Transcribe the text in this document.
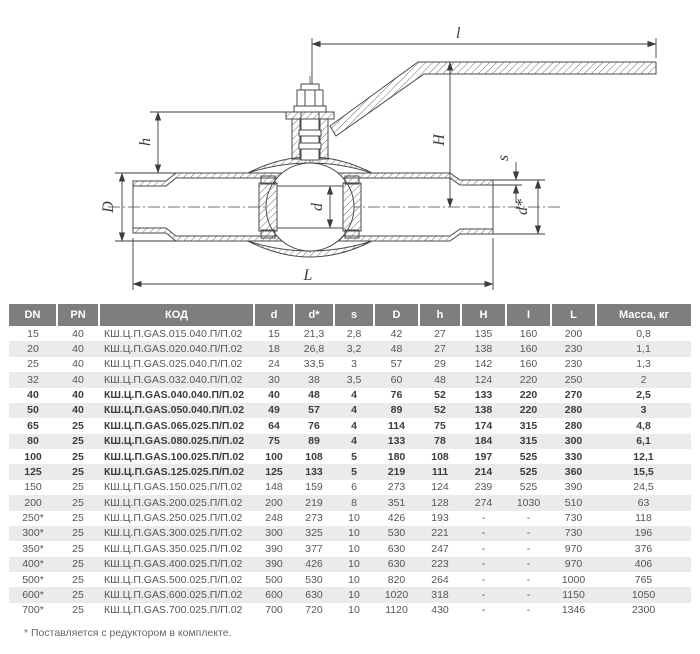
l
H
h
D	d
s
d*
L
DN	PN	КОД	d	d*	s	D	h	H	I	L	Масса, кг
15	40	КШ.Ц.П.GAS.015.040.П/П.02	15	21,3	2,8	42	27	135	160	200	0,8
20	40	КШ.Ц.П.GAS.020.040.П/П.02	18	26,8	3,2	48	27	138	160	230	1,1
25	40	КШ.Ц.П.GAS.025.040.П/П.02	24	33,5	3	57	29	142	160	230	1,3
32	40	КШ.Ц.П.GAS.032.040.П/П.02	30	38	3,5	60	48	124	220	250	2
40	40	КШ.Ц.П.GAS.040.040.П/П.02	40	48	4	76	52	133	220	270	2,5
50	40	КШ.Ц.П.GAS.050.040.П/П.02	49	57	4	89	52	138	220	280	3
65	25	КШ.Ц.П.GAS.065.025.П/П.02	64	76	4	114	75	174	315	280	4,8
80	25	КШ.Ц.П.GAS.080.025.П/П.02	75	89	4	133	78	184	315	300	6,1
100	25	КШ.Ц.П.GAS.100.025.П/П.02	100	108	5	180	108	197	525	330	12,1
125	25	КШ.Ц.П.GAS.125.025.П/П.02	125	133	5	219	111	214	525	360	15,5
150	25	КШ.Ц.П.GAS.150.025.П/П.02	148	159	6	273	124	239	525	390	24,5
200	25	КШ.Ц.П.GAS.200.025.П/П.02	200	219	8	351	128	274	1030	510	63
250*	25	КШ.Ц.П.GAS.250.025.П/П.02	248	273	10	426	193	-	-	730	118
300*	25	КШ.Ц.П.GAS.300.025.П/П.02	300	325	10	530	221	-	-	730	196
350*	25	КШ.Ц.П.GAS.350.025.П/П.02	390	377	10	630	247	-	-	970	376
400*	25	КШ.Ц.П.GAS.400.025.П/П.02	390	426	10	630	223	-	-	970	406
500*	25	КШ.Ц.П.GAS.500.025.П/П.02	500	530	10	820	264	-	-	1000	765
600*	25	КШ.Ц.П.GAS.600.025.П/П.02	600	630	10	1020	318	-	-	1150	1050
700*	25	КШ.Ц.П.GAS.700.025.П/П.02	700	720	10	1120	430	-	-	1346	2300
* Поставляется с редуктором в комплекте.
